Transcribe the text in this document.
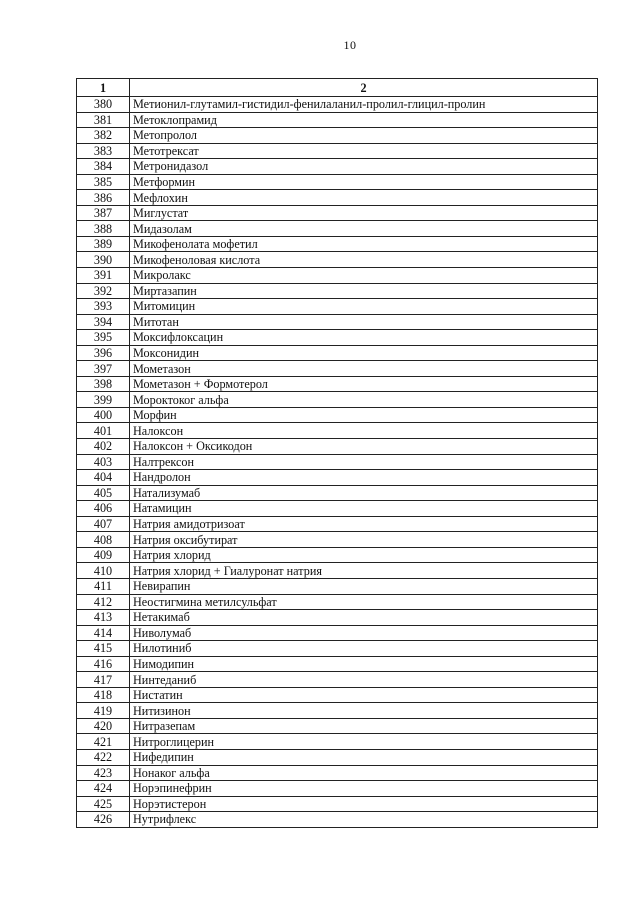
10
1	2
380	Метионил-глутамил-гистидил-фенилаланил-пролил-глицил-пролин
381	Метоклопрамид
382	Метопролол
383	Метотрексат
384	Метронидазол
385	Метформин
386	Мефлохин
387	Миглустат
388	Мидазолам
389	Микофенолата мофетил
390	Микофеноловая кислота
391	Микролакс
392	Миртазапин
393	Митомицин
394	Митотан
395	Моксифлоксацин
396	Моксонидин
397	Мометазон
398	Мометазон + Формотерол
399	Мороктоког альфа
400	Морфин
401	Налоксон
402	Налоксон + Оксикодон
403	Налтрексон
404	Нандролон
405	Натализумаб
406	Натамицин
407	Натрия амидотризоат
408	Натрия оксибутират
409	Натрия хлорид
410	Натрия хлорид + Гиалуронат натрия
411	Невирапин
412	Неостигмина метилсульфат
413	Нетакимаб
414	Ниволумаб
415	Нилотиниб
416	Нимодипин
417	Нинтеданиб
418	Нистатин
419	Нитизинон
420	Нитразепам
421	Нитроглицерин
422	Нифедипин
423	Нонаког альфа
424	Норэпинефрин
425	Норэтистерон
426	Нутрифлекс
